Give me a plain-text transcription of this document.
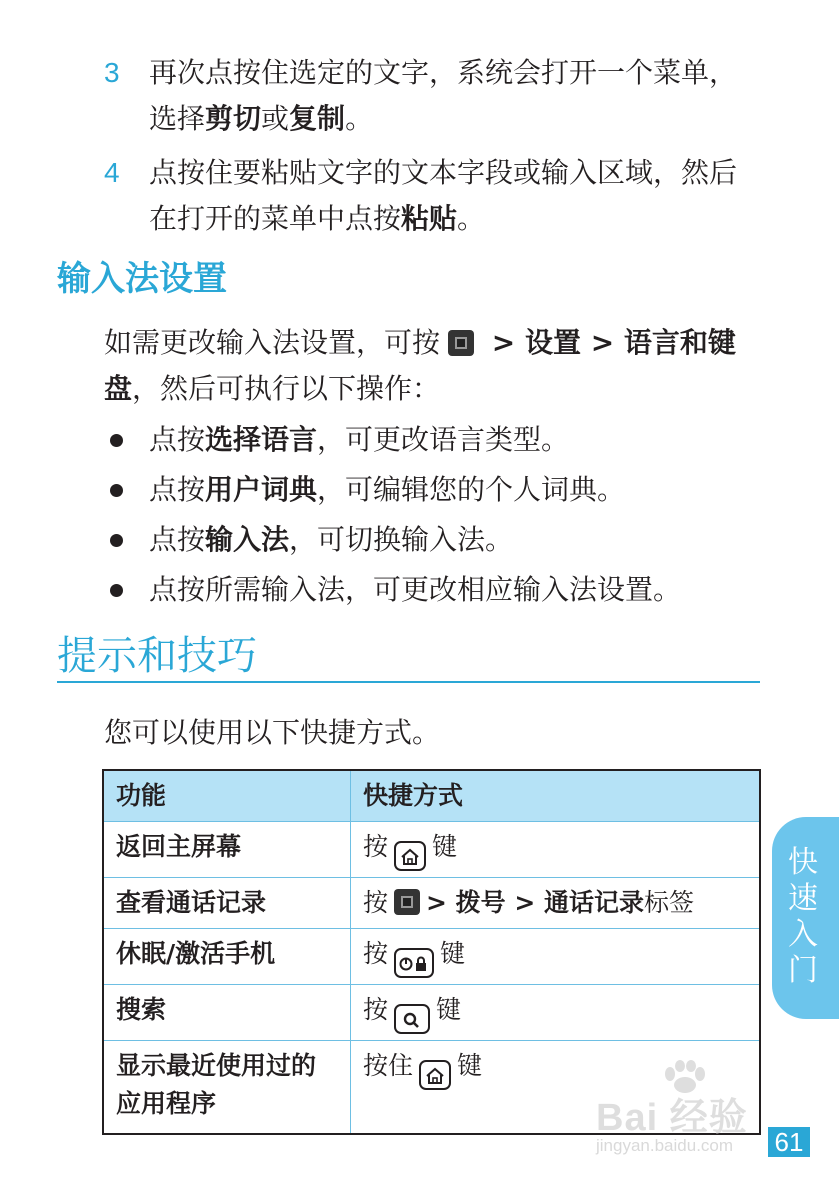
3 再次点按住选定的文字，系统会打开一个菜单，选择剪切或复制。
4 点按住要粘贴文字的文本字段或输入区域，然后在打开的菜单中点按粘贴。
输入法设置
如需更改输入法设置，可按 > 设置 > 语言和键盘，然后可执行以下操作：
点按选择语言，可更改语言类型。
点按用户词典，可编辑您的个人词典。
点按输入法，可切换输入法。
点按所需输入法，可更改相应输入法设置。
提示和技巧
您可以使用以下快捷方式。
功能	快捷方式
返回主屏幕	按 键
查看通话记录	按 > 拨号 > 通话记录标签
休眠/激活手机	按 键
搜索	按 键
显示最近使用过的应用程序	按住 键
快
速
入
门
Bai 经验
jingyan.baidu.com 61
